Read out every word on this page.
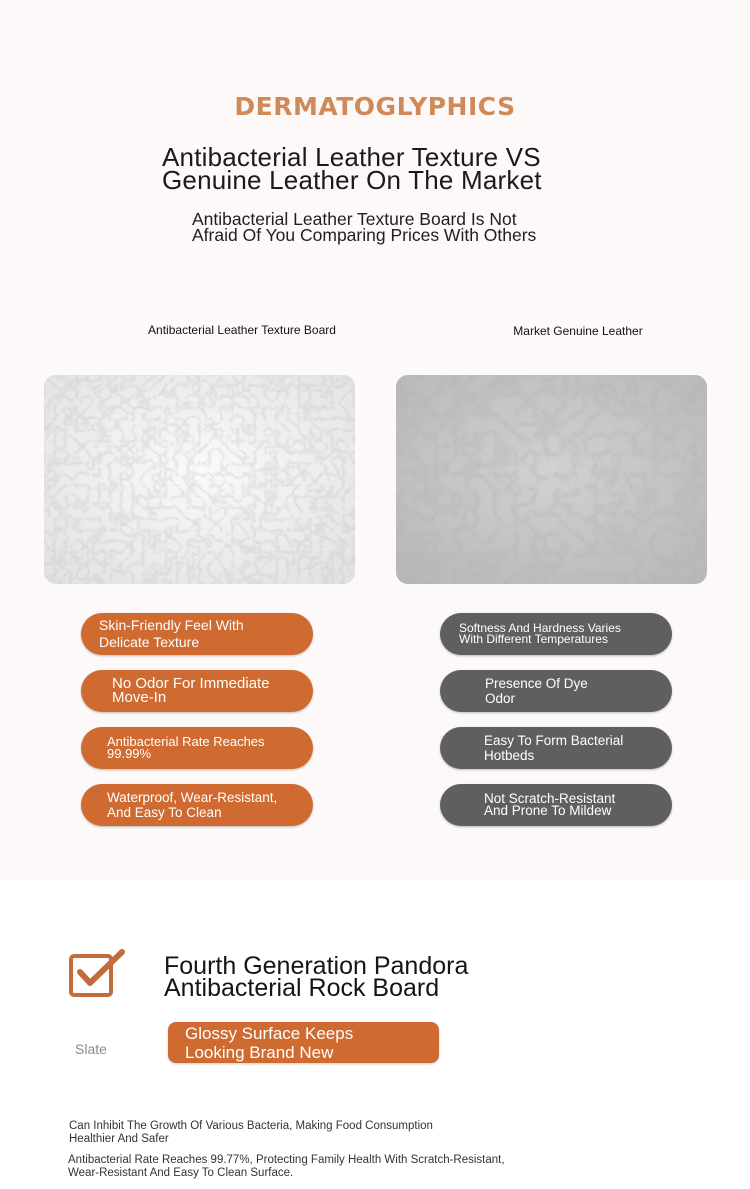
DERMATOGLYPHICS
Antibacterial Leather Texture VS
Genuine Leather On The Market
Antibacterial Leather Texture Board Is Not
Afraid Of You Comparing Prices With Others
Antibacterial Leather Texture Board	Market Genuine Leather
Skin-Friendly Feel With
Delicate Texture
No Odor For Immediate
Move-In
Antibacterial Rate Reaches
99.99%
Waterproof, Wear-Resistant,
And Easy To Clean
Softness And Hardness Varies
With Different Temperatures
Presence Of Dye
Odor
Easy To Form Bacterial
Hotbeds
Not Scratch-Resistant
And Prone To Mildew
Fourth Generation Pandora
Antibacterial Rock Board
Slate
Glossy Surface Keeps
Looking Brand New
Can Inhibit The Growth Of Various Bacteria, Making Food Consumption
Healthier And Safer
Antibacterial Rate Reaches 99.77%, Protecting Family Health With Scratch-Resistant,
Wear-Resistant And Easy To Clean Surface.
